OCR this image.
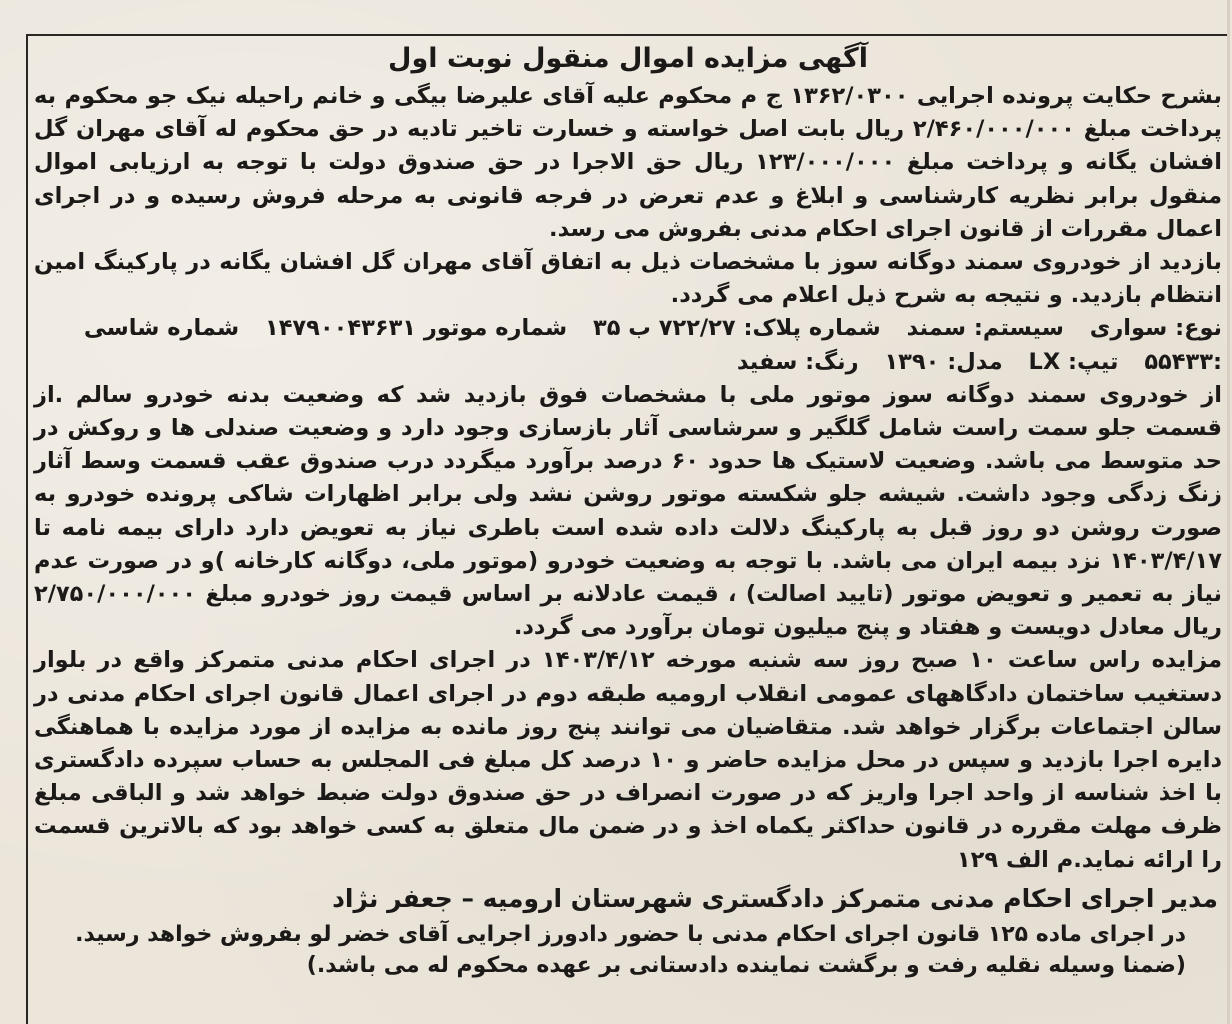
آگهی مزایده اموال منقول نوبت اول

بشرح حکایت پرونده اجرایی ۱۳۶۲/۰۳۰۰ ج م محکوم علیه آقای علیرضا بیگی و خانم راحیله نیک جو محکوم به پرداخت مبلغ ۲/۴۶۰/۰۰۰/۰۰۰ ریال بابت اصل خواسته و خسارت تاخیر تادیه در حق محکوم له آقای مهران گل افشان یگانه و پرداخت مبلغ ۱۲۳/۰۰۰/۰۰۰ ریال حق الاجرا در حق صندوق دولت با توجه به ارزیابی اموال منقول برابر نظریه کارشناسی و ابلاغ و عدم تعرض در فرجه قانونی به مرحله فروش رسیده و در اجرای اعمال مقررات از قانون اجرای احکام مدنی بفروش می رسد.

بازدید از خودروی سمند دوگانه سوز با مشخصات ذیل به اتفاق آقای مهران گل افشان یگانه در پارکینگ امین انتظام بازدید. و نتیجه به شرح ذیل اعلام می گردد.

نوع: سواری سیستم: سمند شماره پلاک: ۷۲۲/۲۷ ب ۳۵ شماره موتور ۱۴۷۹۰۰۴۳۶۳۱ شماره شاسی
:۵۵۴۳۳ تیپ: LX مدل: ۱۳۹۰ رنگ: سفید

از خودروی سمند دوگانه سوز موتور ملی با مشخصات فوق بازدید شد که وضعیت بدنه خودرو سالم .از قسمت جلو سمت راست شامل گلگیر و سرشاسی آثار بازسازی وجود دارد و وضعیت صندلی ها و روکش در حد متوسط می باشد. وضعیت لاستیک ها حدود ۶۰ درصد برآورد میگردد درب صندوق عقب قسمت وسط آثار زنگ زدگی وجود داشت. شیشه جلو شکسته موتور روشن نشد ولی برابر اظهارات شاکی پرونده خودرو به صورت روشن دو روز قبل به پارکینگ دلالت داده شده است باطری نیاز به تعویض دارد دارای بیمه نامه تا ۱۴۰۳/۴/۱۷ نزد بیمه ایران می باشد. با توجه به وضعیت خودرو (موتور ملی، دوگانه کارخانه )و در صورت عدم نیاز به تعمیر و تعویض موتور (تایید اصالت) ، قیمت عادلانه بر اساس قیمت روز خودرو مبلغ ۲/۷۵۰/۰۰۰/۰۰۰ ریال معادل دویست و هفتاد و پنج میلیون تومان برآورد می گردد.

مزایده راس ساعت ۱۰ صبح روز سه شنبه مورخه ۱۴۰۳/۴/۱۲ در اجرای احکام مدنی متمرکز واقع در بلوار دستغیب ساختمان دادگاههای عمومی انقلاب ارومیه طبقه دوم در اجرای اعمال قانون اجرای احکام مدنی در سالن اجتماعات برگزار خواهد شد. متقاضیان می توانند پنج روز مانده به مزایده از مورد مزایده با هماهنگی دایره اجرا بازدید و سپس در محل مزایده حاضر و ۱۰ درصد کل مبلغ فی المجلس به حساب سپرده دادگستری با اخذ شناسه از واحد اجرا واریز که در صورت انصراف در حق صندوق دولت ضبط خواهد شد و الباقی مبلغ ظرف مهلت مقرره در قانون حداکثر یکماه اخذ و در ضمن مال متعلق به کسی خواهد بود که بالاترین قسمت را ارائه نماید.م الف ۱۲۹

مدیر اجرای احکام مدنی متمرکز دادگستری شهرستان ارومیه – جعفر نژاد

در اجرای ماده ۱۲۵ قانون اجرای احکام مدنی با حضور دادورز اجرایی آقای خضر لو بفروش خواهد رسید.

(ضمنا وسیله نقلیه رفت و برگشت نماینده دادستانی بر عهده محکوم له می باشد.)
